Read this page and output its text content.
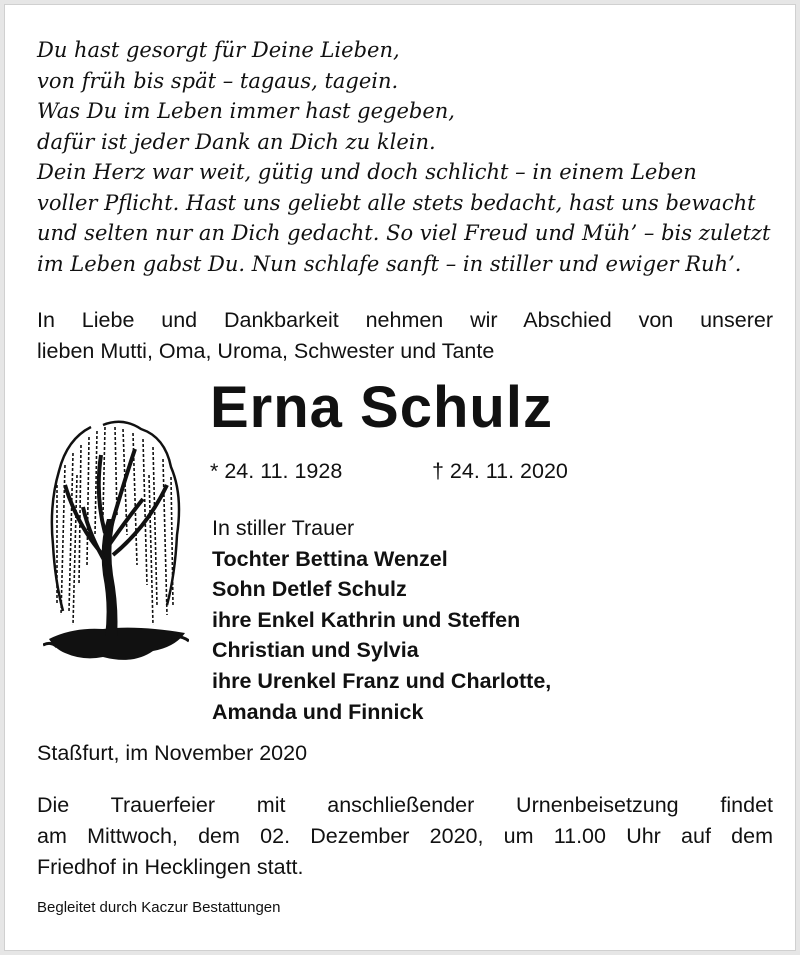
Du hast gesorgt für Deine Lieben,
von früh bis spät – tagaus, tagein.
Was Du im Leben immer hast gegeben,
dafür ist jeder Dank an Dich zu klein.
Dein Herz war weit, gütig und doch schlicht – in einem Leben
voller Pflicht. Hast uns geliebt alle stets bedacht, hast uns bewacht
und selten nur an Dich gedacht. So viel Freud und Müh’ – bis zuletzt
im Leben gabst Du. Nun schlafe sanft – in stiller und ewiger Ruh’.
In Liebe und Dankbarkeit nehmen wir Abschied von unserer
lieben Mutti, Oma, Uroma, Schwester und Tante
Erna Schulz
* 24. 11. 1928	† 24. 11. 2020
In stiller Trauer
Tochter Bettina Wenzel
Sohn Detlef Schulz
ihre Enkel Kathrin und Steffen
Christian und Sylvia
ihre Urenkel Franz und Charlotte,
Amanda und Finnick
Staßfurt, im November 2020
Die Trauerfeier mit anschließender Urnenbeisetzung findet
am Mittwoch, dem 02. Dezember 2020, um 11.00 Uhr auf dem
Friedhof in Hecklingen statt.
Begleitet durch Kaczur Bestattungen
